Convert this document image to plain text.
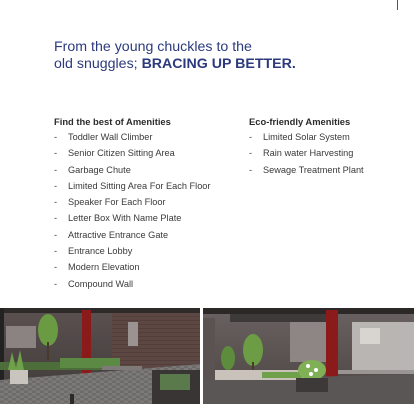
From the young chuckles to the
old snuggles; BRACING UP BETTER.
Find the best of Amenities
-	Toddler Wall Climber
-	Senior Citizen Sitting Area
-	Garbage Chute
-	Limited Sitting Area For Each Floor
-	Speaker For Each Floor
-	Letter Box With Name Plate
-	Attractive Entrance Gate
-	Entrance Lobby
-	Modern Elevation
-	Compound Wall
Eco-friendly Amenities
-	Limited Solar System
-	Rain water Harvesting
-	Sewage Treatment Plant
